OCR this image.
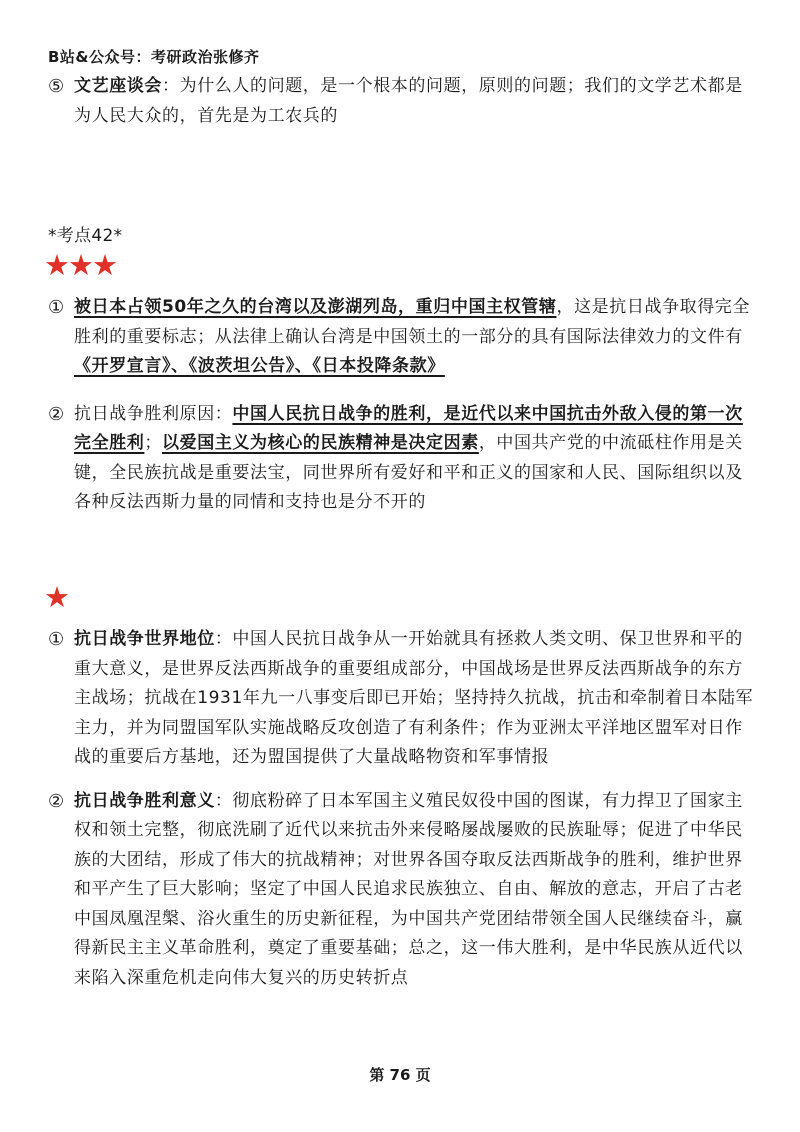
B站&公众号：考研政治张修齐
⑤ 文艺座谈会：为什么人的问题，是一个根本的问题，原则的问题；我们的文学艺术都是为人民大众的，首先是为工农兵的
*考点42*
★★★
① 被日本占领50年之久的台湾以及澎湖列岛，重归中国主权管辖，这是抗日战争取得完全胜利的重要标志；从法律上确认台湾是中国领土的一部分的具有国际法律效力的文件有《开罗宣言》、《波茨坦公告》、《日本投降条款》
② 抗日战争胜利原因：中国人民抗日战争的胜利，是近代以来中国抗击外敌入侵的第一次完全胜利；以爱国主义为核心的民族精神是决定因素，中国共产党的中流砥柱作用是关键，全民族抗战是重要法宝，同世界所有爱好和平和正义的国家和人民、国际组织以及各种反法西斯力量的同情和支持也是分不开的
★
① 抗日战争世界地位：中国人民抗日战争从一开始就具有拯救人类文明、保卫世界和平的重大意义，是世界反法西斯战争的重要组成部分，中国战场是世界反法西斯战争的东方主战场；抗战在1931年九一八事变后即已开始；坚持持久抗战，抗击和牵制着日本陆军主力，并为同盟国军队实施战略反攻创造了有利条件；作为亚洲太平洋地区盟军对日作战的重要后方基地，还为盟国提供了大量战略物资和军事情报
② 抗日战争胜利意义：彻底粉碎了日本军国主义殖民奴役中国的图谋，有力捍卫了国家主权和领土完整，彻底洗刷了近代以来抗击外来侵略屡战屡败的民族耻辱；促进了中华民族的大团结，形成了伟大的抗战精神；对世界各国夺取反法西斯战争的胜利，维护世界和平产生了巨大影响；坚定了中国人民追求民族独立、自由、解放的意志，开启了古老中国凤凰涅槃、浴火重生的历史新征程，为中国共产党团结带领全国人民继续奋斗，赢得新民主主义革命胜利，奠定了重要基础；总之，这一伟大胜利，是中华民族从近代以来陷入深重危机走向伟大复兴的历史转折点
第 76 页
